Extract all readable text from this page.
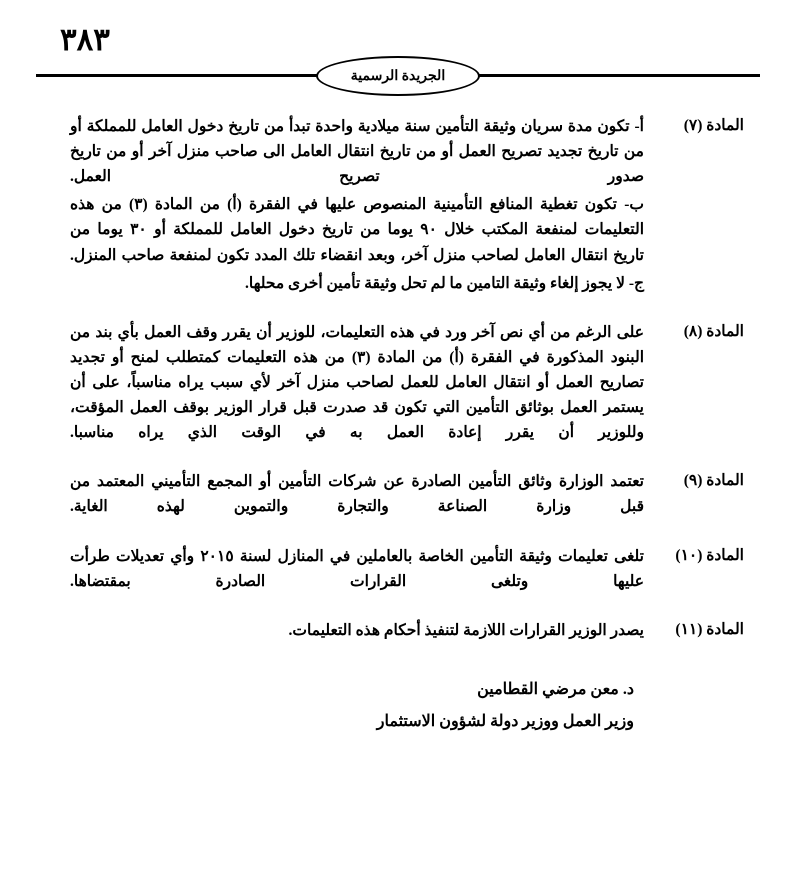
٣٨٣
الجريدة الرسمية
المادة (٧)

أ- تكون مدة سريان وثيقة التأمين سنة ميلادية واحدة تبدأ من تاريخ دخول العامل للمملكة أو من تاريخ تجديد تصريح العمل أو من تاريخ انتقال العامل الى صاحب منزل آخر أو من تاريخ صدور تصريح العمل.

ب- تكون تغطية المنافع التأمينية المنصوص عليها في الفقرة (أ) من المادة (٣) من هذه التعليمات لمنفعة المكتب خلال ٩٠ يوما من تاريخ دخول العامل للمملكة أو ٣٠ يوما من تاريخ انتقال العامل لصاحب منزل آخر، وبعد انقضاء تلك المدد تكون لمنفعة صاحب المنزل.

ج- لا يجوز إلغاء وثيقة التامين ما لم تحل وثيقة تأمين أخرى محلها.

المادة (٨)

على الرغم من أي نص آخر ورد في هذه التعليمات، للوزير أن يقرر وقف العمل بأي بند من البنود المذكورة في الفقرة (أ) من المادة (٣) من هذه التعليمات كمتطلب لمنح أو تجديد تصاريح العمل أو انتقال العامل للعمل لصاحب منزل آخر لأي سبب يراه مناسباً، على أن يستمر العمل بوثائق التأمين التي تكون قد صدرت قبل قرار الوزير بوقف العمل المؤقت، وللوزير أن يقرر إعادة العمل به في الوقت الذي يراه مناسبا.

المادة (٩)

تعتمد الوزارة وثائق التأمين الصادرة عن شركات التأمين أو المجمع التأميني المعتمد من قبل وزارة الصناعة والتجارة والتموين لهذه الغاية.

المادة (١٠)

تلغى تعليمات وثيقة التأمين الخاصة بالعاملين في المنازل لسنة ٢٠١٥ وأي تعديلات طرأت عليها وتلغى القرارات الصادرة بمقتضاها.

المادة (١١)

يصدر الوزير القرارات اللازمة لتنفيذ أحكام هذه التعليمات.

د. معن مرضي القطامين
وزير العمل ووزير دولة لشؤون الاستثمار
